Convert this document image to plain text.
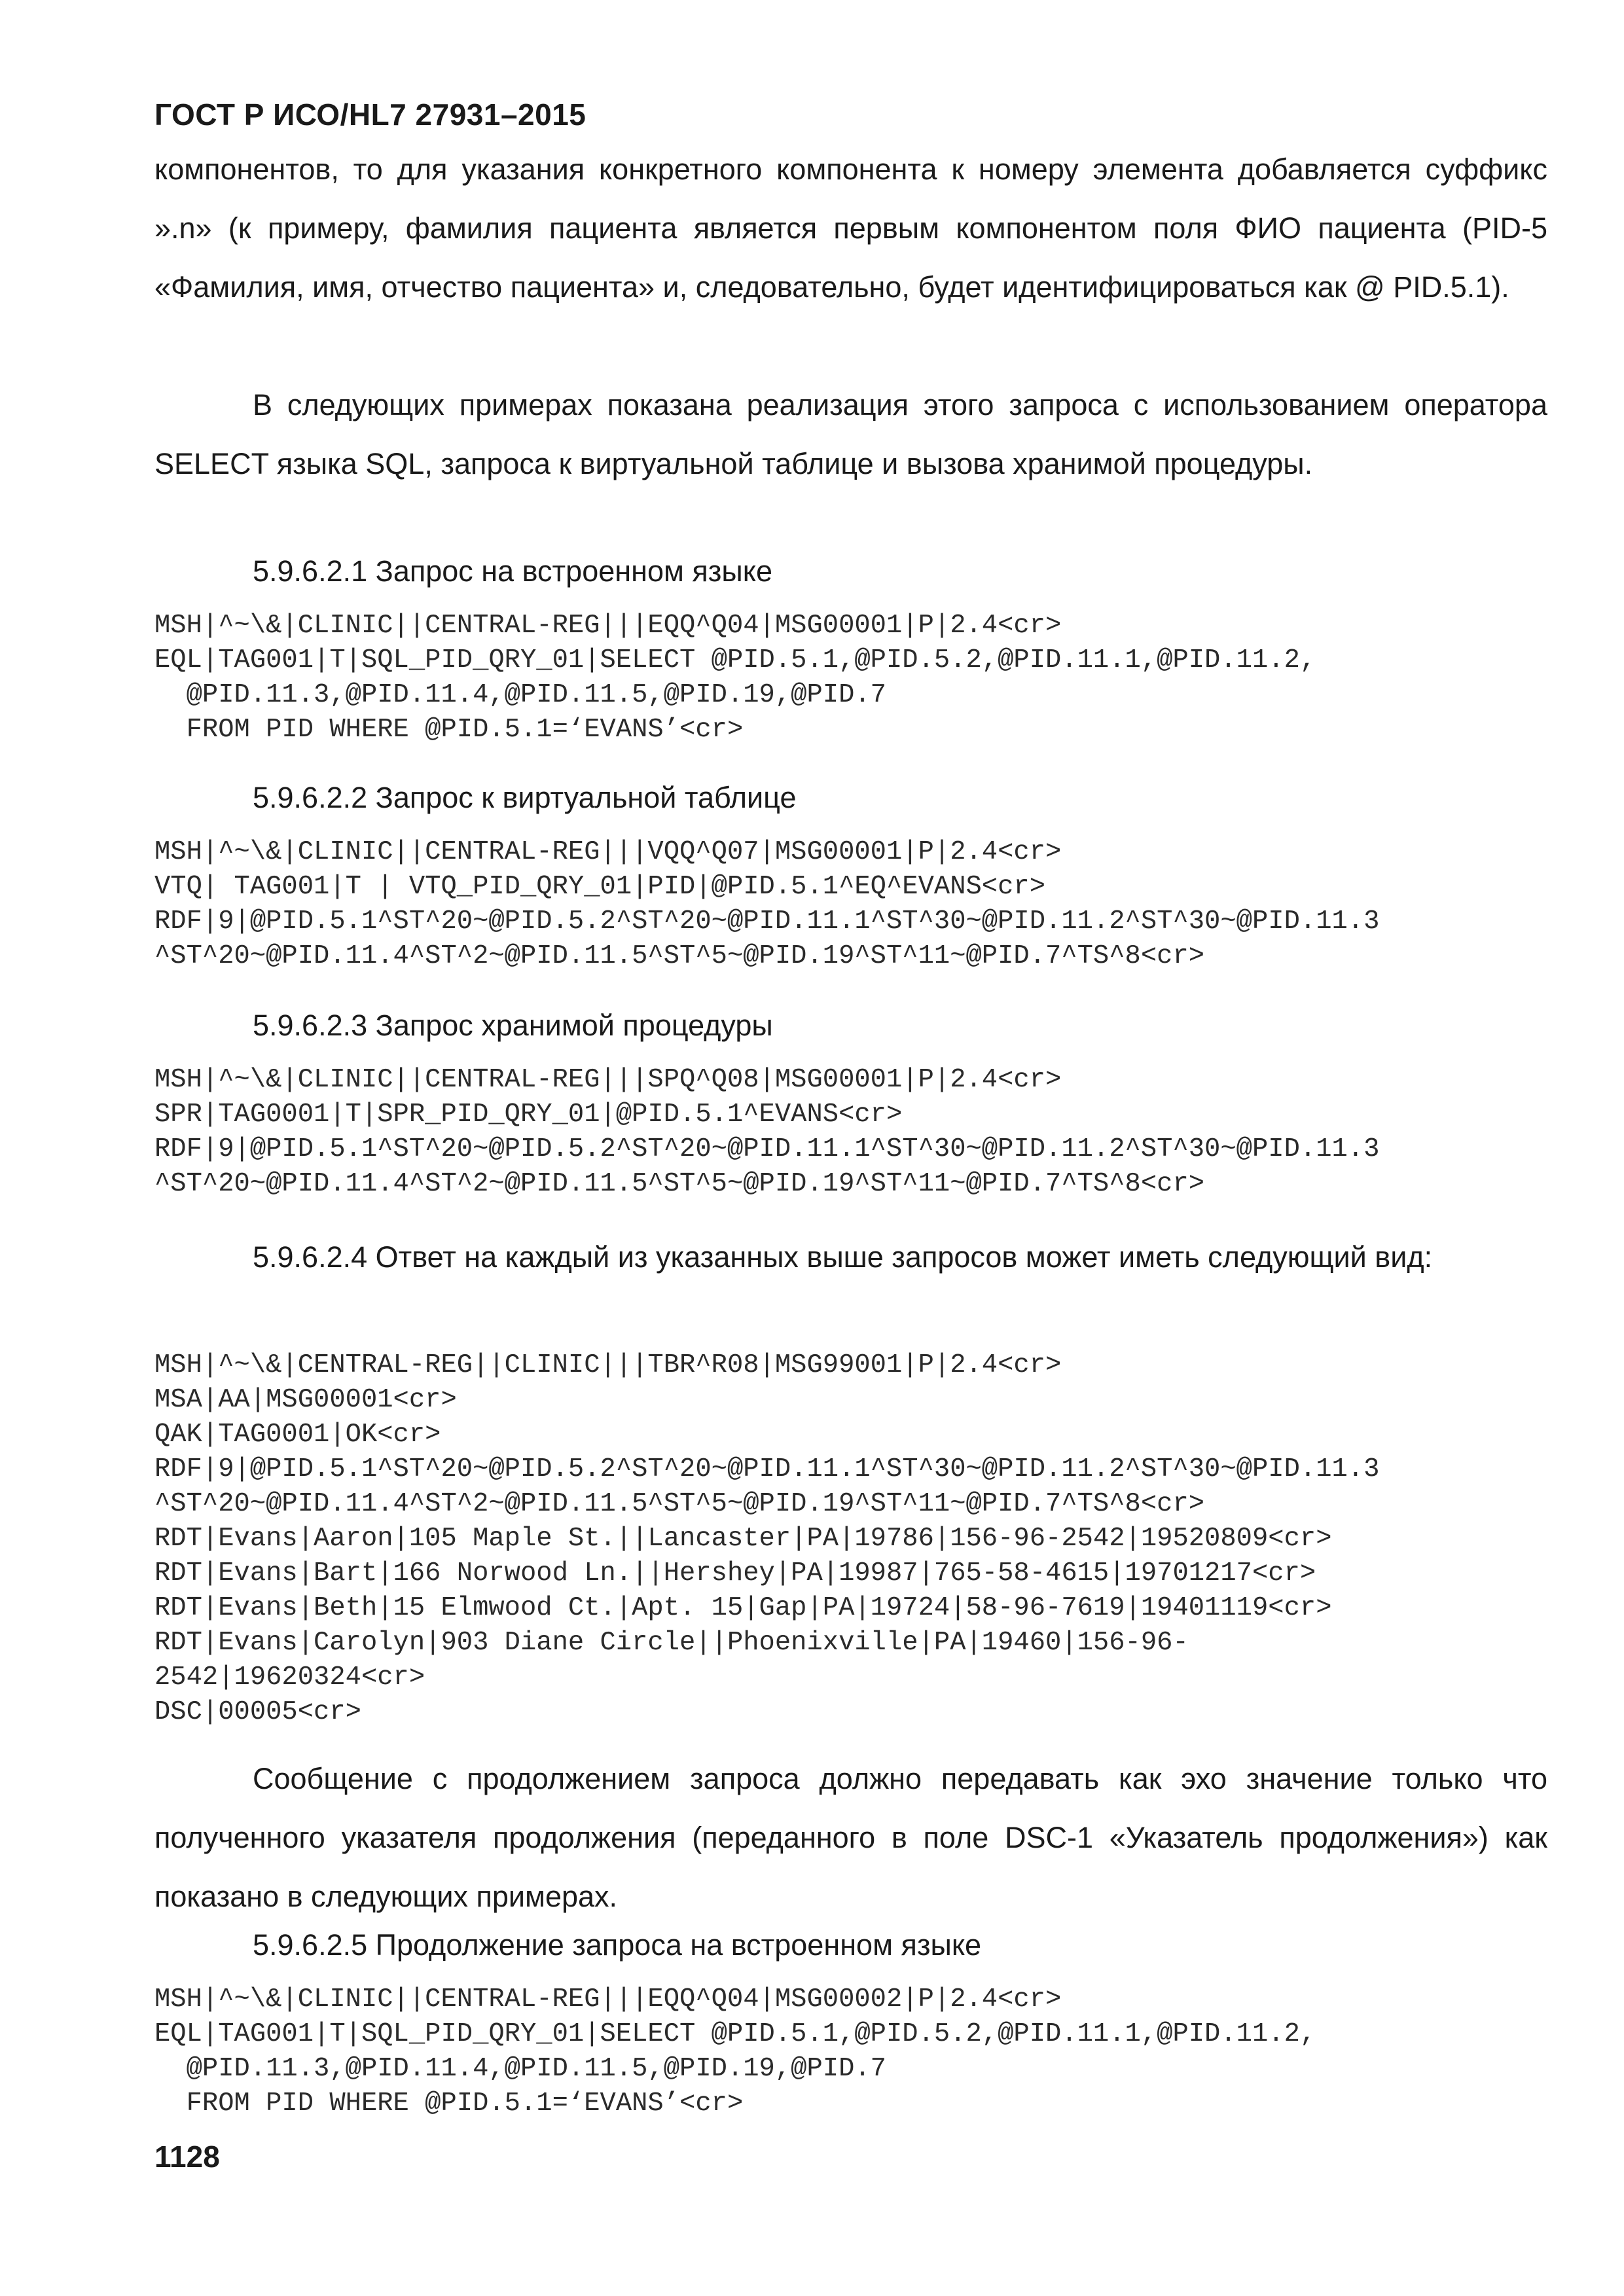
ГОСТ Р ИСО/HL7 27931–2015

компонентов, то для указания конкретного компонента к номеру элемента добавляется суффикс ».n» (к примеру, фамилия пациента является первым компонентом поля ФИО пациента (PID-5 «Фамилия, имя, отчество пациента» и, следовательно, будет идентифицироваться как @ PID.5.1).

В следующих примерах показана реализация этого запроса с использованием оператора SELECT языка SQL, запроса к виртуальной таблице и вызова хранимой процедуры.

5.9.6.2.1 Запрос на встроенном языке

MSH|^~\&|CLINIC||CENTRAL-REG|||EQQ^Q04|MSG00001|P|2.4<cr>
EQL|TAG001|T|SQL_PID_QRY_01|SELECT @PID.5.1,@PID.5.2,@PID.11.1,@PID.11.2,
@PID.11.3,@PID.11.4,@PID.11.5,@PID.19,@PID.7
FROM PID WHERE @PID.5.1=‘EVANS’<cr>

5.9.6.2.2 Запрос к виртуальной таблице

MSH|^~\&|CLINIC||CENTRAL-REG|||VQQ^Q07|MSG00001|P|2.4<cr>
VTQ| TAG001|T | VTQ_PID_QRY_01|PID|@PID.5.1^EQ^EVANS<cr>
RDF|9|@PID.5.1^ST^20~@PID.5.2^ST^20~@PID.11.1^ST^30~@PID.11.2^ST^30~@PID.11.3
^ST^20~@PID.11.4^ST^2~@PID.11.5^ST^5~@PID.19^ST^11~@PID.7^TS^8<cr>

5.9.6.2.3 Запрос хранимой процедуры

MSH|^~\&|CLINIC||CENTRAL-REG|||SPQ^Q08|MSG00001|P|2.4<cr>
SPR|TAG0001|T|SPR_PID_QRY_01|@PID.5.1^EVANS<cr>
RDF|9|@PID.5.1^ST^20~@PID.5.2^ST^20~@PID.11.1^ST^30~@PID.11.2^ST^30~@PID.11.3
^ST^20~@PID.11.4^ST^2~@PID.11.5^ST^5~@PID.19^ST^11~@PID.7^TS^8<cr>

5.9.6.2.4 Ответ на каждый из указанных выше запросов может иметь следующий вид:

MSH|^~\&|CENTRAL-REG||CLINIC|||TBR^R08|MSG99001|P|2.4<cr>
MSA|AA|MSG00001<cr>
QAK|TAG0001|OK<cr>
RDF|9|@PID.5.1^ST^20~@PID.5.2^ST^20~@PID.11.1^ST^30~@PID.11.2^ST^30~@PID.11.3
^ST^20~@PID.11.4^ST^2~@PID.11.5^ST^5~@PID.19^ST^11~@PID.7^TS^8<cr>
RDT|Evans|Aaron|105 Maple St.||Lancaster|PA|19786|156-96-2542|19520809<cr>
RDT|Evans|Bart|166 Norwood Ln.||Hershey|PA|19987|765-58-4615|19701217<cr>
RDT|Evans|Beth|15 Elmwood Ct.|Apt. 15|Gap|PA|19724|58-96-7619|19401119<cr>
RDT|Evans|Carolyn|903 Diane Circle||Phoenixville|PA|19460|156-96-
2542|19620324<cr>
DSC|00005<cr>

Сообщение с продолжением запроса должно передавать как эхо значение только что полученного указателя продолжения (переданного в поле DSC-1 «Указатель продолжения») как показано в следующих примерах.

5.9.6.2.5 Продолжение запроса на встроенном языке

MSH|^~\&|CLINIC||CENTRAL-REG|||EQQ^Q04|MSG00002|P|2.4<cr>
EQL|TAG001|T|SQL_PID_QRY_01|SELECT @PID.5.1,@PID.5.2,@PID.11.1,@PID.11.2,
@PID.11.3,@PID.11.4,@PID.11.5,@PID.19,@PID.7
FROM PID WHERE @PID.5.1=‘EVANS’<cr>
1128
